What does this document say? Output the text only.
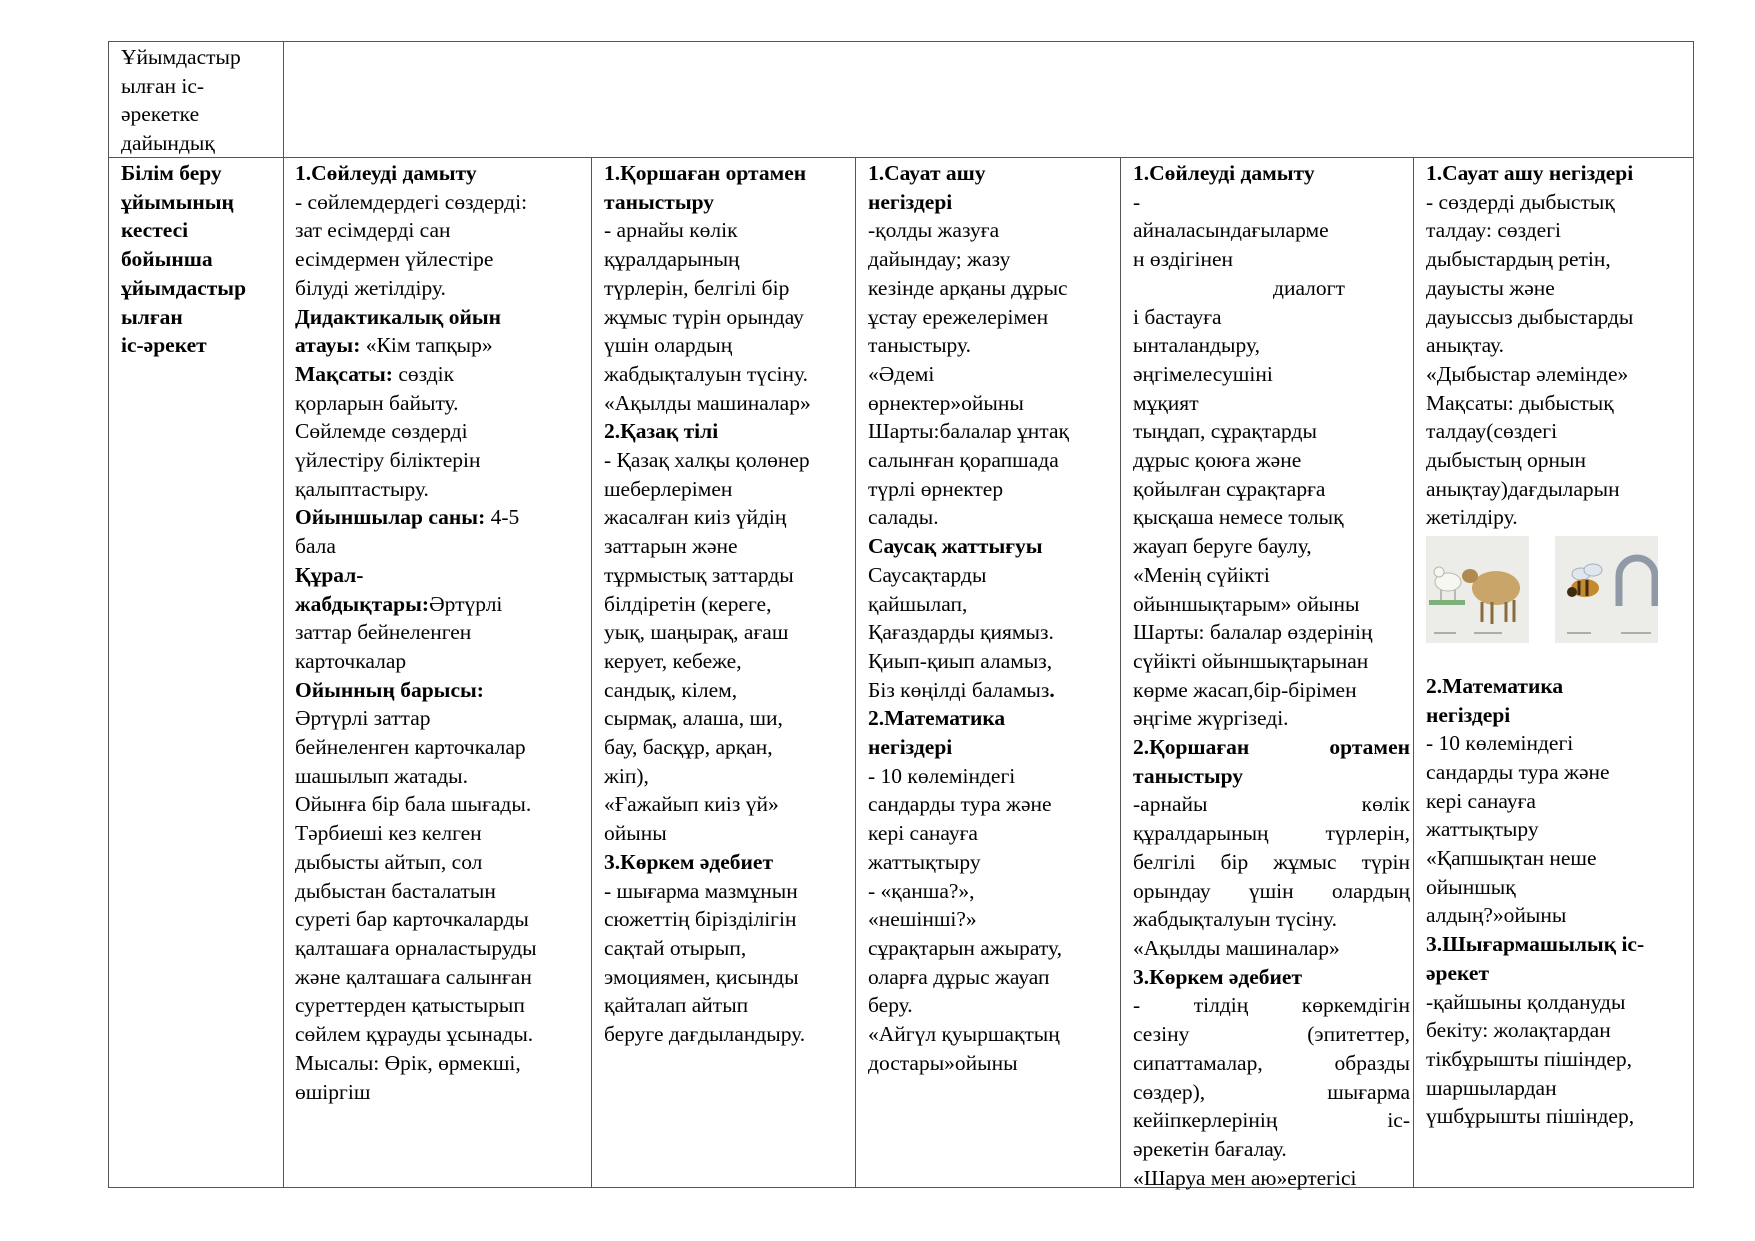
Ұйымдастыр

ылған іс-

әрекетке

дайындық

Білім беру

ұйымының

кестесі

бойынша

ұйымдастыр

ылған

іс-әрекет

1.Сөйлеуді дамыту

- сөйлемдердегі сөздерді:

зат есімдерді сан

есімдермен үйлестіре

білуді жетілдіру.

Дидактикалық ойын

атауы: «Кім тапқыр»

Мақсаты: сөздік

қорларын байыту.

Сөйлемде сөздерді

үйлестіру біліктерін

қалыптастыру.

Ойыншылар саны: 4-5

бала

Құрал-

жабдықтары:Әртүрлі

заттар бейнеленген

карточкалар

Ойынның барысы:

Әртүрлі заттар

бейнеленген карточкалар

шашылып жатады.

Ойынға бір бала шығады.

Тәрбиеші кез келген

дыбысты айтып, сол

дыбыстан басталатын

суреті бар карточкаларды

қалташаға орналастыруды

және қалташаға салынған

суреттерден қатыстырып

сөйлем құрауды ұсынады.

Мысалы: Өрік, өрмекші,

өшіргіш

1.Қоршаған ортамен

таныстыру

- арнайы көлік

құралдарының

түрлерін, белгілі бір

жұмыс түрін орындау

үшін олардың

жабдықталуын түсіну.

«Ақылды машиналар»

2.Қазақ тілі

- Қазақ халқы қолөнер

шеберлерімен

жасалған киіз үйдің

заттарын және

тұрмыстық заттарды

білдіретін (кереге,

уық, шаңырақ, ағаш

керует, кебеже,

сандық, кілем,

сырмақ, алаша, ши,

бау, басқұр, арқан,

жіп),

«Ғажайып киіз үй»

ойыны

3.Көркем әдебиет

- шығарма мазмұнын

сюжеттің бірізділігін

сақтай отырып,

эмоциямен, қисынды

қайталап айтып

беруге дағдыландыру.

1.Сауат ашу

негіздері

-қолды жазуға

дайындау; жазу

кезінде арқаны дұрыс

ұстау ережелерімен

таныстыру.

«Әдемі

өрнектер»ойыны

Шарты:балалар ұнтақ

салынған қорапшада

түрлі өрнектер

салады.

Саусақ жаттығуы

Саусақтарды

қайшылап,

Қағаздарды қиямыз.

Қиып-қиып аламыз,

Біз көңілді баламыз.

2.Математика

негіздері

- 10 көлеміндегі

сандарды тура және

кері санауға

жаттықтыру

- «қанша?»,

«нешінші?»

сұрақтарын ажырату,

оларға дұрыс жауап

беру.

«Айгүл қуыршақтың

достары»ойыны

1.Сөйлеуді дамыту

-

айналасындағыларме

н өздігінен

диалогт

і бастауға

ынталандыру,

әңгімелесушіні

мұқият

тыңдап, сұрақтарды

дұрыс қоюға және

қойылған сұрақтарға

қысқаша немесе толық

жауап беруге баулу,

«Менің сүйікті

ойыншықтарым» ойыны

Шарты: балалар өздерінің

сүйікті ойыншықтарынан

көрме жасап,бір-бірімен

әңгіме жүргізеді.

2.Қоршаған ортамен

таныстыру

-арнайы көлік

құралдарының түрлерін,

белгілі бір жұмыс түрін

орындау үшін олардың

жабдықталуын түсіну.

«Ақылды машиналар»

3.Көркем әдебиет

- тілдің көркемдігін

сезіну (эпитеттер,

сипаттамалар, образды

сөздер), шығарма

кейіпкерлерінің іс-

әрекетін бағалау.

«Шаруа мен аю»ертегісі

1.Сауат ашу негіздері

- сөздерді дыбыстық

талдау: сөздегі

дыбыстардың ретін,

дауысты және

дауыссыз дыбыстарды

анықтау.

«Дыбыстар әлемінде»

Мақсаты: дыбыстық

талдау(сөздегі

дыбыстың орнын

анықтау)дағдыларын

жетілдіру.

2.Математика

негіздері

- 10 көлеміндегі

сандарды тура және

кері санауға

жаттықтыру

«Қапшықтан неше

ойыншық

алдың?»ойыны

3.Шығармашылық іс-

әрекет

-қайшыны қолдануды

бекіту: жолақтардан

тікбұрышты пішіндер,

шаршылардан

үшбұрышты пішіндер,
